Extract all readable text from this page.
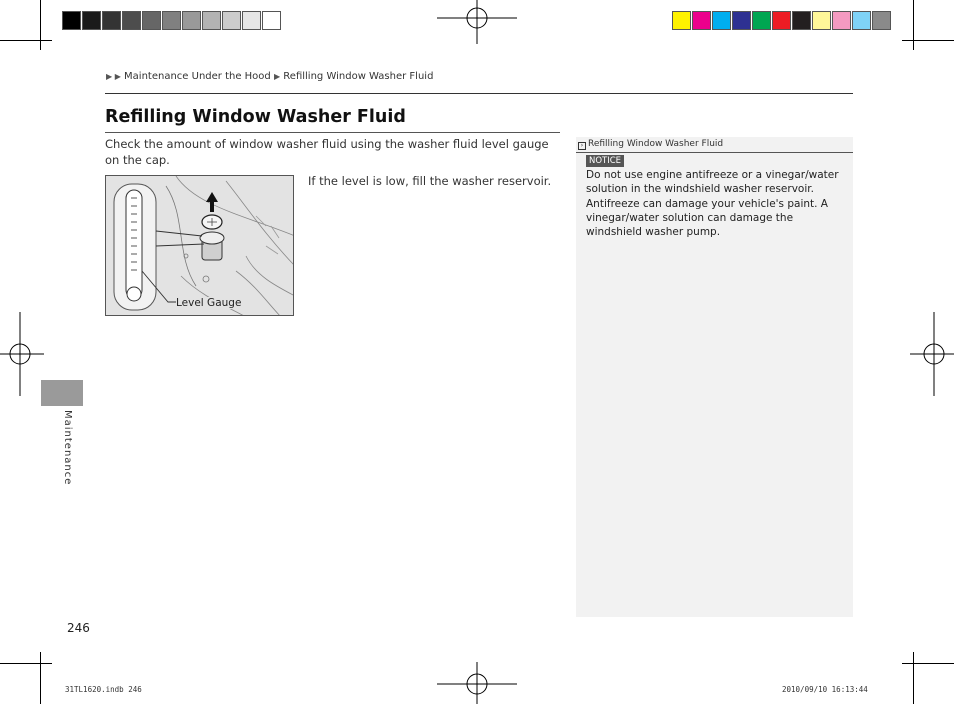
▶ ▶ Maintenance Under the Hood ▶ Refilling Window Washer Fluid
Refilling Window Washer Fluid
Check the amount of window washer fluid using the washer fluid level gauge on the cap.
Level Gauge
If the level is low, fill the washer reservoir.
› Refilling Window Washer Fluid
NOTICE
Do not use engine antifreeze or a vinegar/water solution in the windshield washer reservoir. Antifreeze can damage your vehicle's paint. A vinegar/water solution can damage the windshield washer pump.
Maintenance
246
31TL1620.indb 246	2010/09/10 16:13:44
